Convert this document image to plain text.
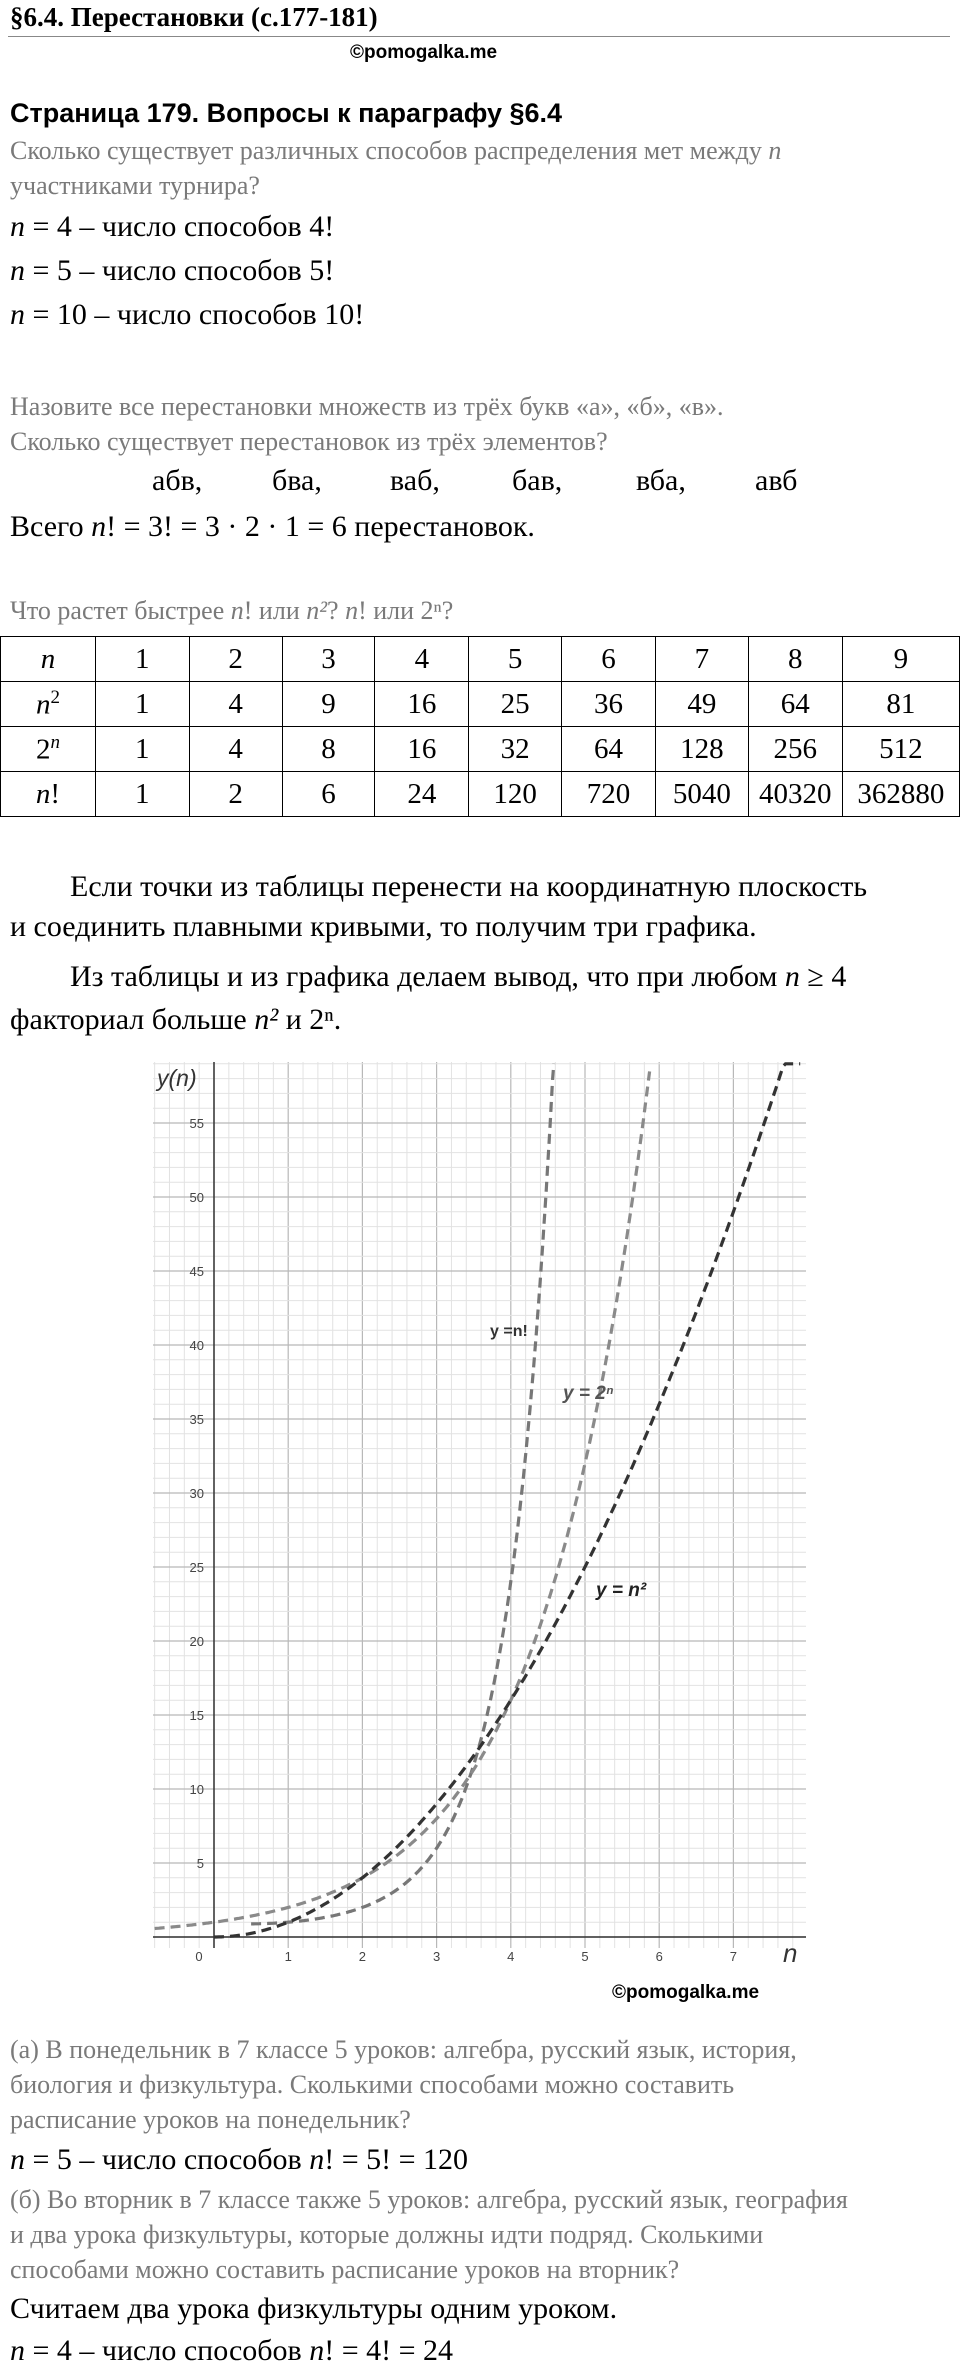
§6.4. Перестановки (с.177-181)
©pomogalka.me
Страница 179. Вопросы к параграфу §6.4
Сколько существует различных способов распределения мет между n
участниками турнира?
n = 4 – число способов 4!
n = 5 – число способов 5!
n = 10 – число способов 10!
Назовите все перестановки множеств из трёх букв «а», «б», «в».
Сколько существует перестановок из трёх элементов?
абв, бва, ваб, бав, вба, авб
Всего n! = 3! = 3 · 2 · 1 = 6 перестановок.
Что растет быстрее n! или n²? n! или 2ⁿ?
n	1	2	3	4	5	6	7	8	9
$n^2$	1	4	9	16	25	36	49	64	81
2$^n$	1	4	8	16	32	64	128	256	512
n!	1	2	6	24	120	720	5040	40320	362880
Если точки из таблицы перенести на координатную плоскость
и соединить плавными кривыми, то получим три графика.
Из таблицы и из графика делаем вывод, что при любом n ≥ 4
факториал больше n² и 2ⁿ.
0	1	2	3	4	5	6	7
5
10
15
20
25
30
35
40
45
50
55
y(n)
n
y =n!
y = 2ⁿ
y = n²
©pomogalka.me
(а) В понедельник в 7 классе 5 уроков: алгебра, русский язык, история,
биология и физкультура. Сколькими способами можно составить
расписание уроков на понедельник?
n = 5 – число способов n! = 5! = 120
(б) Во вторник в 7 классе также 5 уроков: алгебра, русский язык, география
и два урока физкультуры, которые должны идти подряд. Сколькими
способами можно составить расписание уроков на вторник?
Считаем два урока физкультуры одним уроком.
n = 4 – число способов n! = 4! = 24
